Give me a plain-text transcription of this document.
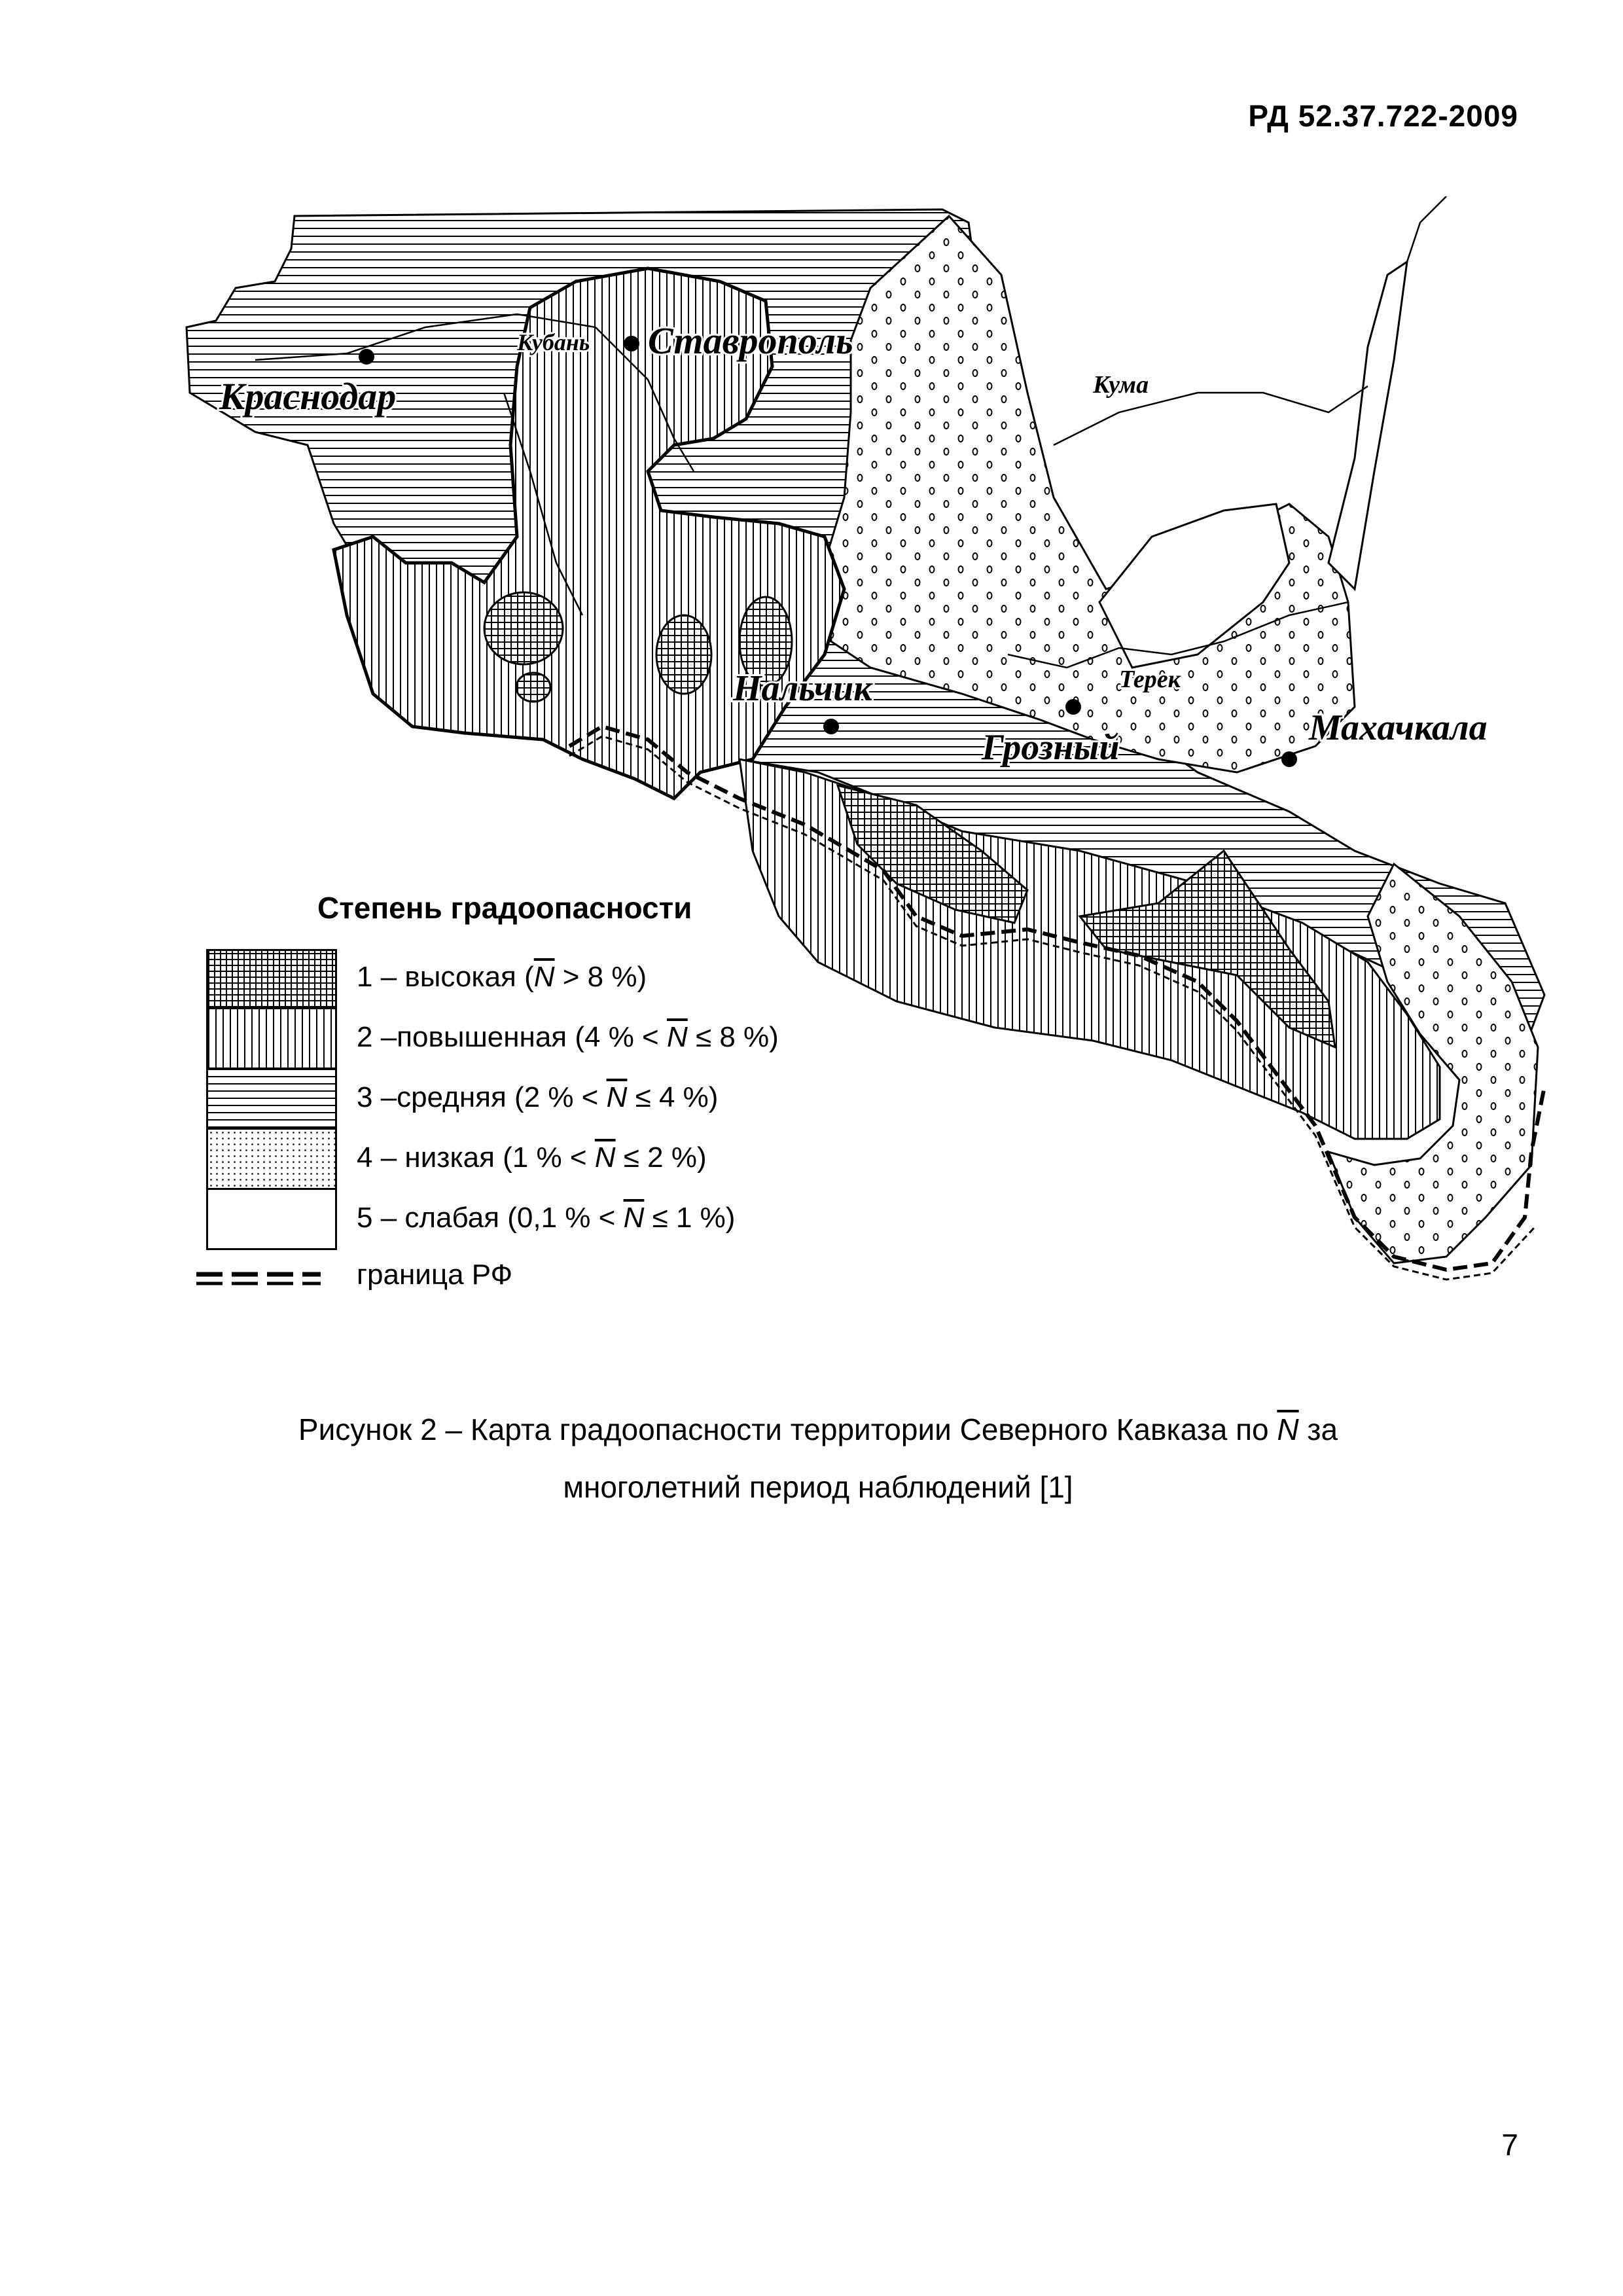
РД 52.37.722-2009
Краснодар
Ставрополь
Нальчик
Грозный	Махачкала
Кубань
Кума
Терек
Степень градоопасности
1 – высокая ($\overline{N} > 8$ %)
2 –повышенная (4 % < $\overline{N} \le 8$ %)
3 –средняя (2 % < $\overline{N} \le 4$ %)
4 – низкая (1 % < $\overline{N} \le 2$ %)
5 – слабая (0,1 % < $\overline{N} \le 1$ %)
граница РФ
Рисунок 2 – Карта градоопасности территории Северного Кавказа по $\overline{N}$ за
многолетний период наблюдений [1]
7
